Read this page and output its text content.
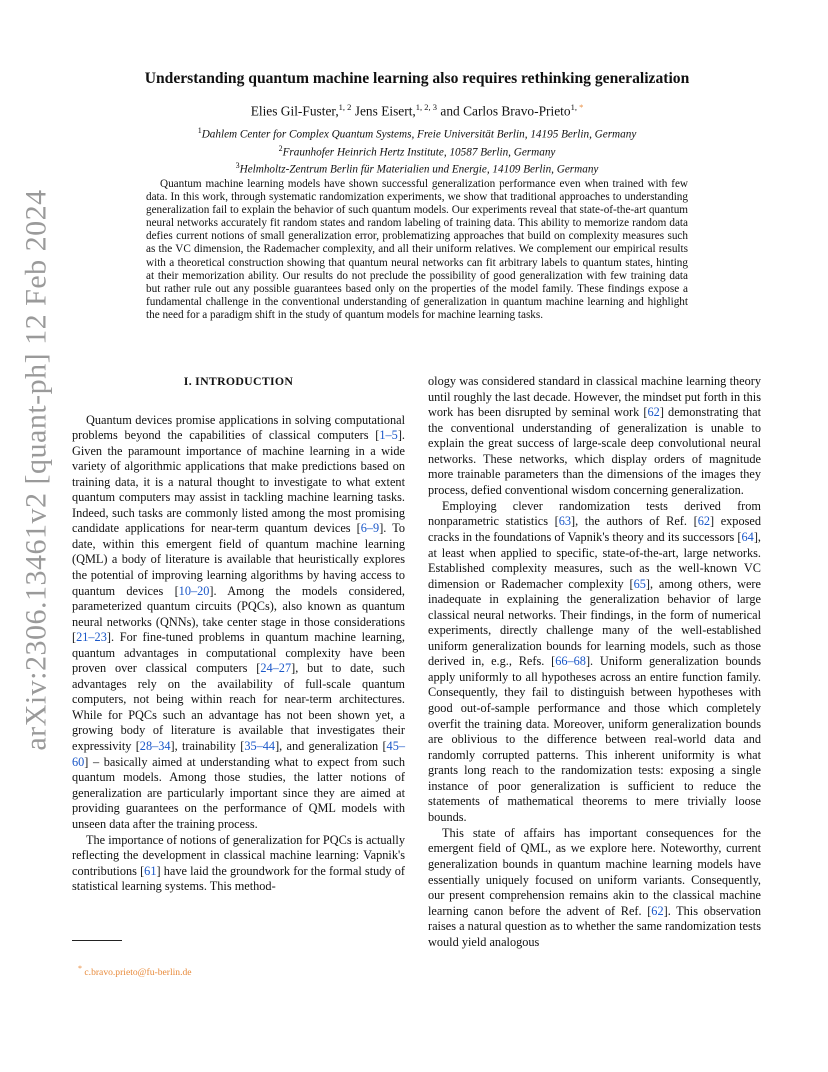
arXiv:2306.13461v2 [quant-ph] 12 Feb 2024
Understanding quantum machine learning also requires rethinking generalization
Elies Gil-Fuster,$^{1, 2}$ Jens Eisert,$^{1, 2, 3}$ and Carlos Bravo-Prieto$^{1, *}$
$^1$Dahlem Center for Complex Quantum Systems, Freie Universität Berlin, 14195 Berlin, Germany
$^2$Fraunhofer Heinrich Hertz Institute, 10587 Berlin, Germany
$^3$Helmholtz-Zentrum Berlin für Materialien und Energie, 14109 Berlin, Germany

Quantum machine learning models have shown successful generalization performance even when trained with few data. In this work, through systematic randomization experiments, we show that traditional approaches to understanding generalization fail to explain the behavior of such quantum models. Our experiments reveal that state-of-the-art quantum neural networks accurately fit random states and random labeling of training data. This ability to memorize random data defies current notions of small generalization error, problematizing approaches that build on complexity measures such as the VC dimension, the Rademacher complexity, and all their uniform relatives. We complement our empirical results with a theoretical construction showing that quantum neural networks can fit arbitrary labels to quantum states, hinting at their memorization ability. Our results do not preclude the possibility of good generalization with few training data but rather rule out any possible guarantees based only on the properties of the model family. These findings expose a fundamental challenge in the conventional understanding of generalization in quantum machine learning and highlight the need for a paradigm shift in the study of quantum models for machine learning tasks.

I. INTRODUCTION

Quantum devices promise applications in solving computational problems beyond the capabilities of classical computers [1–5]. Given the paramount importance of machine learning in a wide variety of algorithmic applications that make predictions based on training data, it is a natural thought to investigate to what extent quantum computers may assist in tackling machine learning tasks. Indeed, such tasks are commonly listed among the most promising candidate applications for near-term quantum devices [6–9]. To date, within this emergent field of quantum machine learning (QML) a body of literature is available that heuristically explores the potential of improving learning algorithms by having access to quantum devices [10–20]. Among the models considered, parameterized quantum circuits (PQCs), also known as quantum neural networks (QNNs), take center stage in those considerations [21–23]. For fine-tuned problems in quantum machine learning, quantum advantages in computational complexity have been proven over classical computers [24–27], but to date, such advantages rely on the availability of full-scale quantum computers, not being within reach for near-term architectures. While for PQCs such an advantage has not been shown yet, a growing body of literature is available that investigates their expressivity [28–34], trainability [35–44], and generalization [45–60] – basically aimed at understanding what to expect from such quantum models. Among those studies, the latter notions of generalization are particularly important since they are aimed at providing guarantees on the performance of QML models with unseen data after the training process.

The importance of notions of generalization for PQCs is actually reflecting the development in classical machine learning: Vapnik's contributions [61] have laid the groundwork for the formal study of statistical learning systems. This method-

ology was considered standard in classical machine learning theory until roughly the last decade. However, the mindset put forth in this work has been disrupted by seminal work [62] demonstrating that the conventional understanding of generalization is unable to explain the great success of large-scale deep convolutional neural networks. These networks, which display orders of magnitude more trainable parameters than the dimensions of the images they process, defied conventional wisdom concerning generalization.

Employing clever randomization tests derived from nonparametric statistics [63], the authors of Ref. [62] exposed cracks in the foundations of Vapnik's theory and its successors [64], at least when applied to specific, state-of-the-art, large networks. Established complexity measures, such as the well-known VC dimension or Rademacher complexity [65], among others, were inadequate in explaining the generalization behavior of large classical neural networks. Their findings, in the form of numerical experiments, directly challenge many of the well-established uniform generalization bounds for learning models, such as those derived in, e.g., Refs. [66–68]. Uniform generalization bounds apply uniformly to all hypotheses across an entire function family. Consequently, they fail to distinguish between hypotheses with good out-of-sample performance and those which completely overfit the training data. Moreover, uniform generalization bounds are oblivious to the difference between real-world data and randomly corrupted patterns. This inherent uniformity is what grants long reach to the randomization tests: exposing a single instance of poor generalization is sufficient to reduce the statements of mathematical theorems to mere trivially loose bounds.

This state of affairs has important consequences for the emergent field of QML, as we explore here. Noteworthy, current generalization bounds in quantum machine learning models have essentially uniquely focused on uniform variants. Consequently, our present comprehension remains akin to the classical machine learning canon before the advent of Ref. [62]. This observation raises a natural question as to whether the same randomization tests would yield analogous

* c.bravo.prieto@fu-berlin.de
